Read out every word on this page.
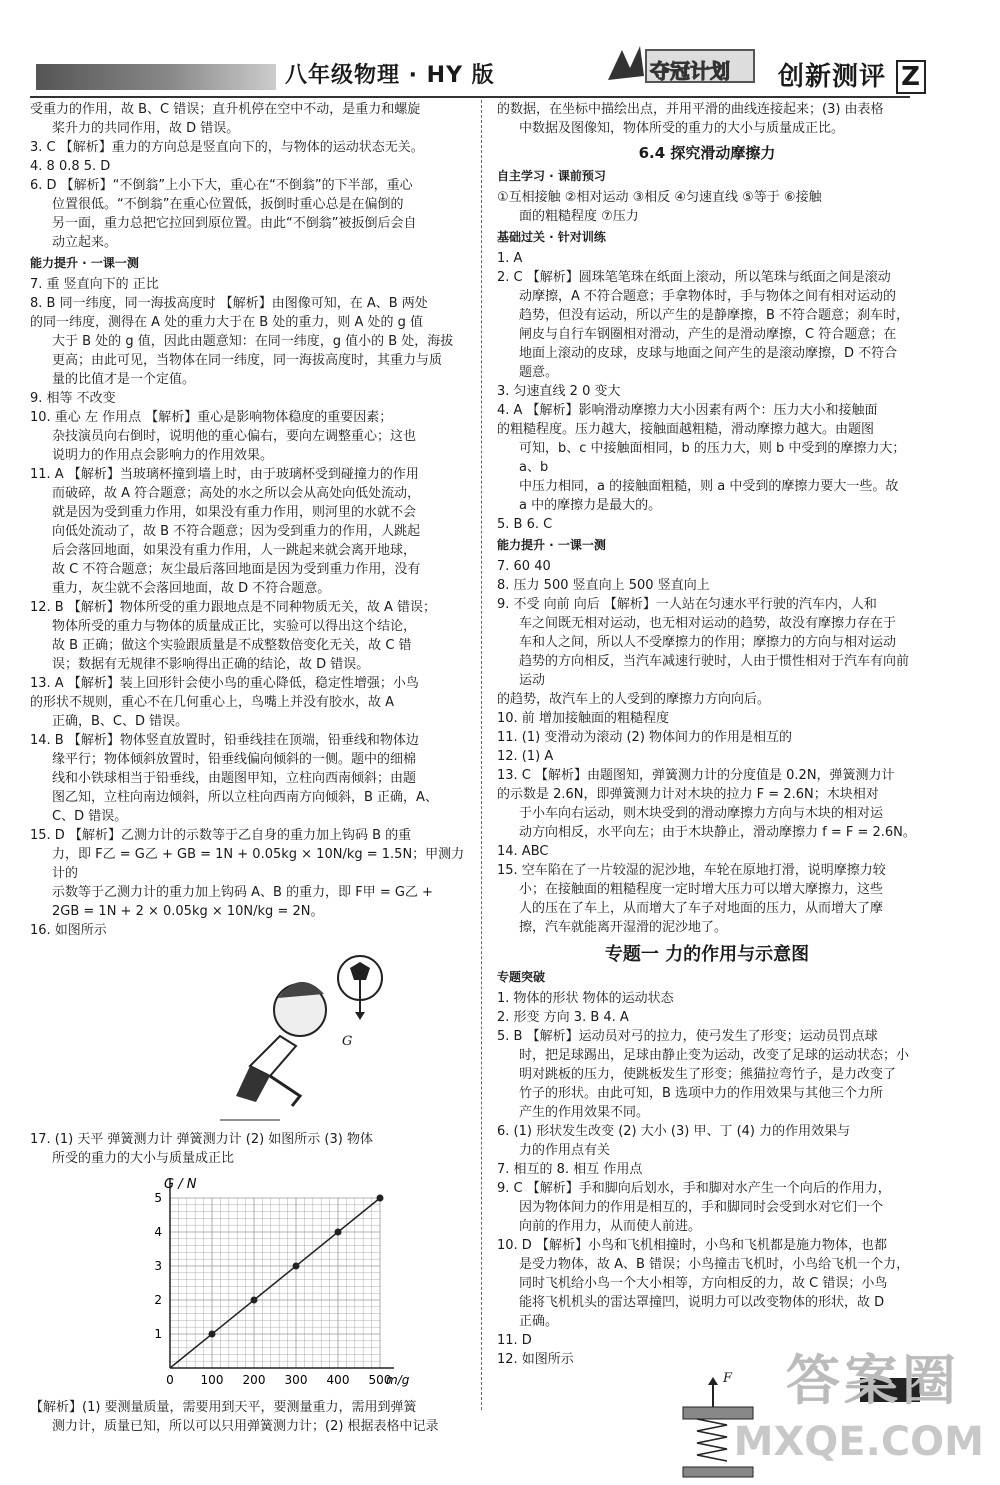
八年级物理 · HY 版	夺冠计划 创新测评 Z

受重力的作用，故 B、C 错误；直升机停在空中不动，是重力和螺旋

桨升力的共同作用，故 D 错误。

3. C 【解析】重力的方向总是竖直向下的，与物体的运动状态无关。

4. 8 0.8 5. D

6. D 【解析】“不倒翁”上小下大，重心在“不倒翁”的下半部，重心

位置很低。“不倒翁”在重心位置低，扳倒时重心总是在偏倒的

另一面，重力总把它拉回到原位置。由此“不倒翁”被扳倒后会自

动立起来。

能力提升 · 一课一测

7. 重 竖直向下的 正比

8. B 同一纬度，同一海拔高度时 【解析】由图像可知，在 A、B 两处

的同一纬度，测得在 A 处的重力大于在 B 处的重力，则 A 处的 g 值

大于 B 处的 g 值，因此由题意知：在同一纬度，g 值小的 B 处，海拔

更高；由此可见，当物体在同一纬度，同一海拔高度时，其重力与质

量的比值才是一个定值。

9. 相等 不改变

10. 重心 左 作用点 【解析】重心是影响物体稳度的重要因素；

杂技演员向右倒时，说明他的重心偏右，要向左调整重心；这也

说明力的作用点会影响力的作用效果。

11. A 【解析】当玻璃杯撞到墙上时，由于玻璃杯受到碰撞力的作用

而破碎，故 A 符合题意；高处的水之所以会从高处向低处流动，

就是因为受到重力作用，如果没有重力作用，则河里的水就不会

向低处流动了，故 B 不符合题意；因为受到重力的作用，人跳起

后会落回地面，如果没有重力作用，人一跳起来就会离开地球，

故 C 不符合题意；灰尘最后落回地面是因为受到重力作用，没有

重力，灰尘就不会落回地面，故 D 不符合题意。

12. B 【解析】物体所受的重力跟地点是不同种物质无关，故 A 错误；

物体所受的重力与物体的质量成正比，实验可以得出这个结论，

故 B 正确；做这个实验跟质量是不成整数倍变化无关，故 C 错

误；数据有无规律不影响得出正确的结论，故 D 错误。

13. A 【解析】装上回形针会使小鸟的重心降低，稳定性增强；小鸟

的形状不规则，重心不在几何重心上，鸟嘴上并没有胶水，故 A

正确，B、C、D 错误。

14. B 【解析】物体竖直放置时，铅垂线挂在顶端，铅垂线和物体边

缘平行；物体倾斜放置时，铅垂线偏向倾斜的一侧。题中的细棉

线和小铁球相当于铅垂线，由题图甲知，立柱向西南倾斜；由题

图乙知，立柱向南边倾斜，所以立柱向西南方向倾斜，B 正确，A、

C、D 错误。

15. D 【解析】乙测力计的示数等于乙自身的重力加上钩码 B 的重

力，即 F乙 = G乙 + GB = 1N + 0.05kg × 10N/kg = 1.5N；甲测力计的

示数等于乙测力计的重力加上钩码 A、B 的重力，即 F甲 = G乙 +

2GB = 1N + 2 × 0.05kg × 10N/kg = 2N。

16. 如图所示

G

17. (1) 天平 弹簧测力计 弹簧测力计 (2) 如图所示 (3) 物体

所受的重力的大小与质量成正比

0 100 200 300 400 500
1
2
3
4
5
G / N
m/g

【解析】(1) 要测量质量，需要用到天平，要测量重力，需用到弹簧

测力计，质量已知，所以可以只用弹簧测力计；(2) 根据表格中记录

的数据，在坐标中描绘出点，并用平滑的曲线连接起来；(3) 由表格

中数据及图像知，物体所受的重力的大小与质量成正比。

6.4 探究滑动摩擦力
自主学习 · 课前预习

①互相接触 ②相对运动 ③相反 ④匀速直线 ⑤等于 ⑥接触

面的粗糙程度 ⑦压力

基础过关 · 针对训练

1. A

2. C 【解析】圆珠笔笔珠在纸面上滚动，所以笔珠与纸面之间是滚动

动摩擦，A 不符合题意；手拿物体时，手与物体之间有相对运动的

趋势，但没有运动，所以产生的是静摩擦，B 不符合题意；刹车时，

闸皮与自行车钢圈相对滑动，产生的是滑动摩擦，C 符合题意；在

地面上滚动的皮球，皮球与地面之间产生的是滚动摩擦，D 不符合

题意。

3. 匀速直线 2 0 变大

4. A 【解析】影响滑动摩擦力大小因素有两个：压力大小和接触面

的粗糙程度。压力越大，接触面越粗糙，滑动摩擦力越大。由题图

可知，b、c 中接触面相同，b 的压力大，则 b 中受到的摩擦力大；a、b

中压力相同，a 的接触面粗糙，则 a 中受到的摩擦力要大一些。故

a 中的摩擦力是最大的。

5. B 6. C

能力提升 · 一课一测

7. 60 40

8. 压力 500 竖直向上 500 竖直向上

9. 不受 向前 向后 【解析】一人站在匀速水平行驶的汽车内，人和

车之间既无相对运动，也无相对运动的趋势，故没有摩擦力存在于

车和人之间，所以人不受摩擦力的作用；摩擦力的方向与相对运动

趋势的方向相反，当汽车减速行驶时，人由于惯性相对于汽车有向前运动

的趋势，故汽车上的人受到的摩擦力方向向后。

10. 前 增加接触面的粗糙程度

11. (1) 变滑动为滚动 (2) 物体间力的作用是相互的

12. (1) A

13. C 【解析】由题图知，弹簧测力计的分度值是 0.2N，弹簧测力计

的示数是 2.6N，即弹簧测力计对木块的拉力 F = 2.6N；木块相对

于小车向右运动，则木块受到的滑动摩擦力方向与木块的相对运

动方向相反，水平向左；由于木块静止，滑动摩擦力 f = F = 2.6N。

14. ABC

15. 空车陷在了一片较湿的泥沙地，车轮在原地打滑，说明摩擦力较

小；在接触面的粗糙程度一定时增大压力可以增大摩擦力，这些

人的压在了车上，从而增大了车子对地面的压力，从而增大了摩

擦，汽车就能离开湿滑的泥沙地了。

专题一 力的作用与示意图
专题突破

1. 物体的形状 物体的运动状态

2. 形变 方向 3. B 4. A

5. B 【解析】运动员对弓的拉力，使弓发生了形变；运动员罚点球

时，把足球踢出，足球由静止变为运动，改变了足球的运动状态；小

明对跳板的压力，使跳板发生了形变；熊猫拉弯竹子，是力改变了

竹子的形状。由此可知，B 选项中力的作用效果与其他三个力所

产生的作用效果不同。

6. (1) 形状发生改变 (2) 大小 (3) 甲、丁 (4) 力的作用效果与

力的作用点有关

7. 相互的 8. 相互 作用点

9. C 【解析】手和脚向后划水，手和脚对水产生一个向后的作用力，

因为物体间力的作用是相互的，手和脚同时会受到水对它们一个

向前的作用力，从而使人前进。

10. D 【解析】小鸟和飞机相撞时，小鸟和飞机都是施力物体，也都

是受力物体，故 A、B 错误；小鸟撞击飞机时，小鸟给飞机一个力，

同时飞机给小鸟一个大小相等，方向相反的力，故 C 错误；小鸟

能将飞机机头的雷达罩撞凹，说明力可以改变物体的形状，故 D

正确。

11. D

12. 如图所示

F 答案圈
MXQE.COM
